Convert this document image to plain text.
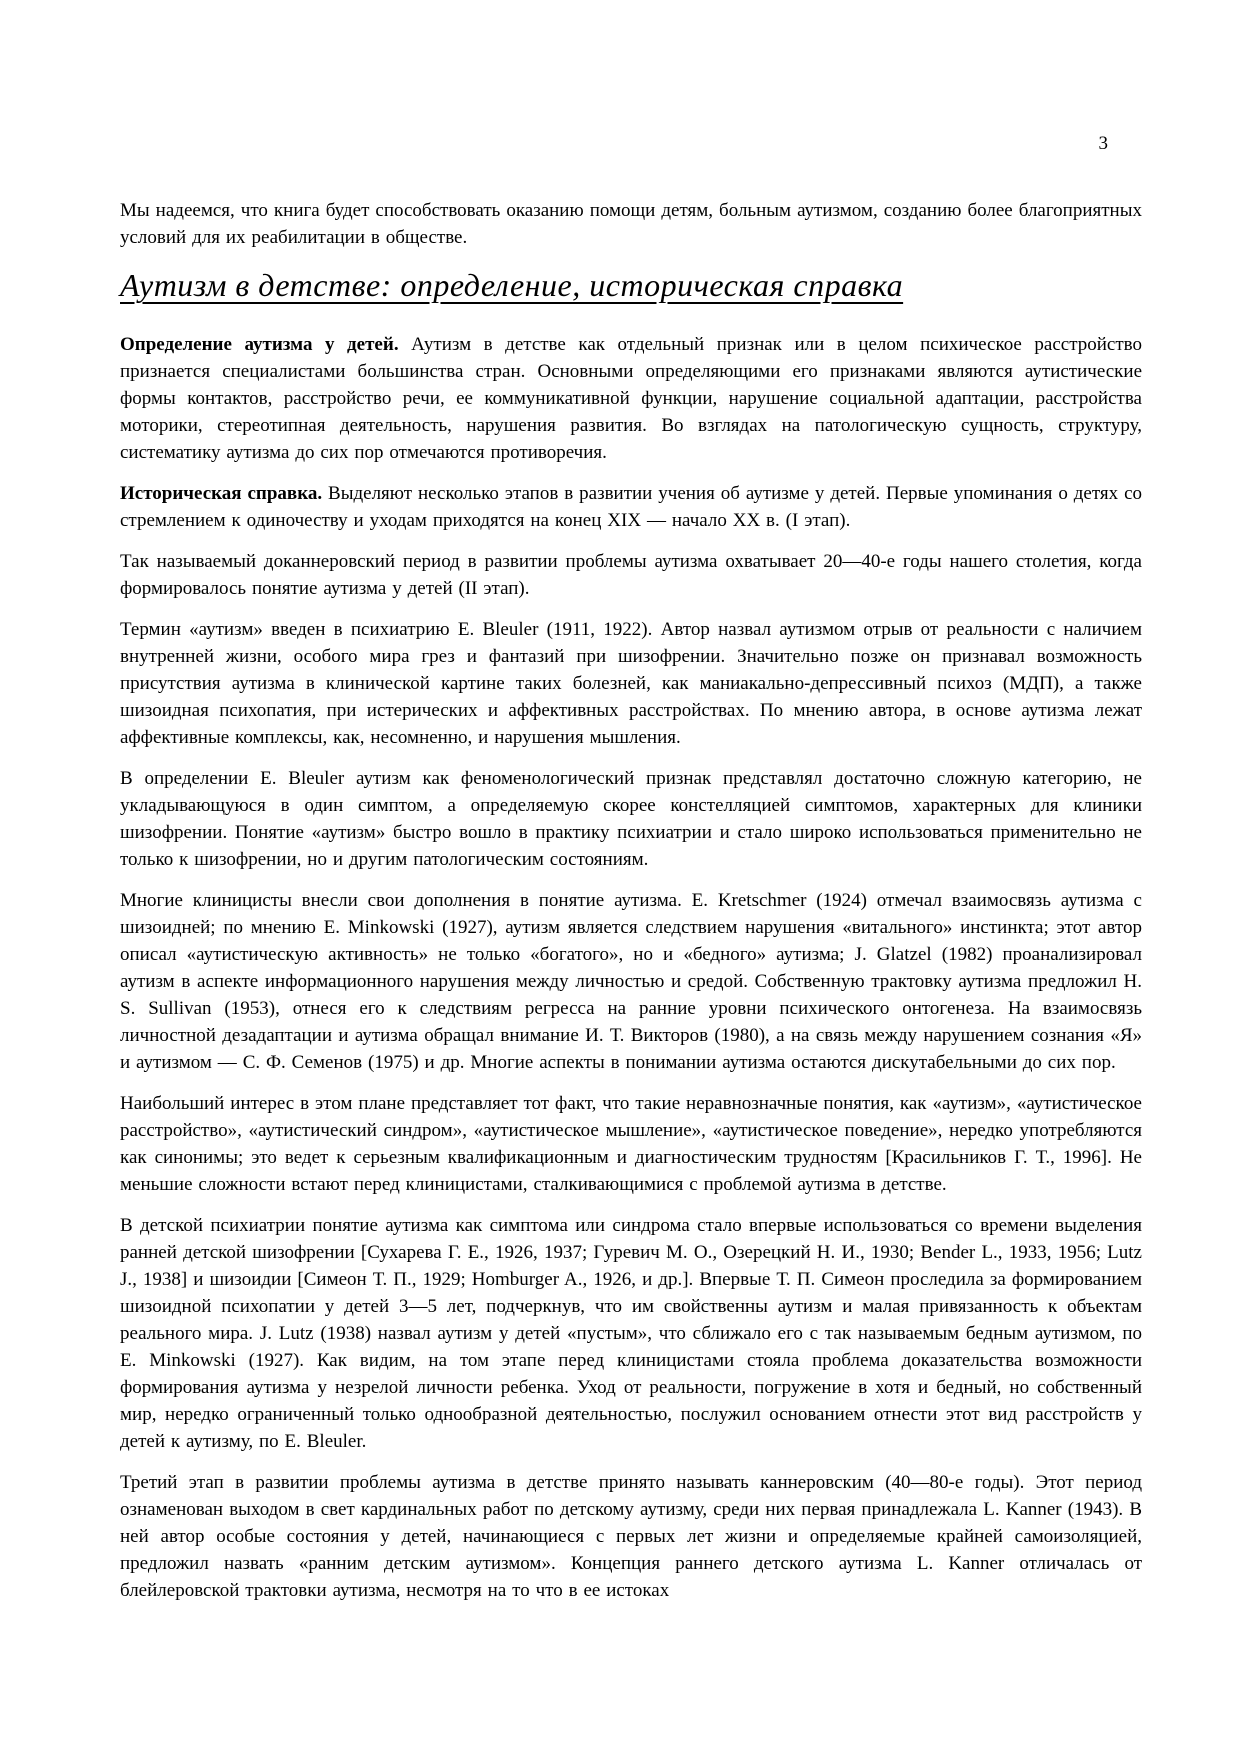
3

Мы надеемся, что книга будет способствовать оказанию помощи детям, больным аутизмом, созданию более благоприятных условий для их реабилитации в обществе.

Аутизм в детстве: определение, историческая справка

Определение аутизма у детей. Аутизм в детстве как отдельный признак или в целом психическое расстройство признается специалистами большинства стран. Основными определяющими его признаками являются аутистические формы контактов, расстройство речи, ее коммуникативной функции, нарушение социальной адаптации, расстройства моторики, стереотипная деятельность, нарушения развития. Во взглядах на патологическую сущность, структуру, систематику аутизма до сих пор отмечаются противоречия.

Историческая справка. Выделяют несколько этапов в развитии учения об аутизме у детей. Первые упоминания о детях со стремлением к одиночеству и уходам приходятся на конец XIX — начало XX в. (I этап).

Так называемый доканнеровский период в развитии проблемы аутизма охватывает 20—40-е годы нашего столетия, когда формировалось понятие аутизма у детей (II этап).

Термин «аутизм» введен в психиатрию E. Bleuler (1911, 1922). Автор назвал аутизмом отрыв от реальности с наличием внутренней жизни, особого мира грез и фантазий при шизофрении. Значительно позже он признавал возможность присутствия аутизма в клинической картине таких болезней, как маниакально-депрессивный психоз (МДП), а также шизоидная психопатия, при истерических и аффективных расстройствах. По мнению автора, в основе аутизма лежат аффективные комплексы, как, несомненно, и нарушения мышления.

В определении E. Bleuler аутизм как феноменологический признак представлял достаточно сложную категорию, не укладывающуюся в один симптом, а определяемую скорее констелляцией симптомов, характерных для клиники шизофрении. Понятие «аутизм» быстро вошло в практику психиатрии и стало широко использоваться применительно не только к шизофрении, но и другим патологическим состояниям.

Многие клиницисты внесли свои дополнения в понятие аутизма. E. Kretschmer (1924) отмечал взаимосвязь аутизма с шизоидней; по мнению E. Minkowski (1927), аутизм является следствием нарушения «витального» инстинкта; этот автор описал «аутистическую активность» не только «богатого», но и «бедного» аутизма; J. Glatzel (1982) проанализировал аутизм в аспекте информационного нарушения между личностью и средой. Собственную трактовку аутизма предложил H. S. Sullivan (1953), отнеся его к следствиям регресса на ранние уровни психического онтогенеза. На взаимосвязь личностной дезадаптации и аутизма обращал внимание И. Т. Викторов (1980), а на связь между нарушением сознания «Я» и аутизмом — С. Ф. Семенов (1975) и др. Многие аспекты в понимании аутизма остаются дискутабельными до сих пор.

Наибольший интерес в этом плане представляет тот факт, что такие неравнозначные понятия, как «аутизм», «аутистическое расстройство», «аутистический синдром», «аутистическое мышление», «аутистическое поведение», нередко употребляются как синонимы; это ведет к серьезным квалификационным и диагностическим трудностям [Красильников Г. Т., 1996]. Не меньшие сложности встают перед клиницистами, сталкивающимися с проблемой аутизма в детстве.

В детской психиатрии понятие аутизма как симптома или синдрома стало впервые использоваться со времени выделения ранней детской шизофрении [Сухарева Г. Е., 1926, 1937; Гуревич М. О., Озерецкий Н. И., 1930; Bender L., 1933, 1956; Lutz J., 1938] и шизоидии [Симеон Т. П., 1929; Homburger A., 1926, и др.]. Впервые Т. П. Симеон проследила за формированием шизоидной психопатии у детей 3—5 лет, подчеркнув, что им свойственны аутизм и малая привязанность к объектам реального мира. J. Lutz (1938) назвал аутизм у детей «пустым», что сближало его с так называемым бедным аутизмом, по E. Minkowski (1927). Как видим, на том этапе перед клиницистами стояла проблема доказательства возможности формирования аутизма у незрелой личности ребенка. Уход от реальности, погружение в хотя и бедный, но собственный мир, нередко ограниченный только однообразной деятельностью, послужил основанием отнести этот вид расстройств у детей к аутизму, по E. Bleuler.

Третий этап в развитии проблемы аутизма в детстве принято называть каннеровским (40—80-е годы). Этот период ознаменован выходом в свет кардинальных работ по детскому аутизму, среди них первая принадлежала L. Kanner (1943). В ней автор особые состояния у детей, начинающиеся с первых лет жизни и определяемые крайней самоизоляцией, предложил назвать «ранним детским аутизмом». Концепция раннего детского аутизма L. Kanner отличалась от блейлеровской трактовки аутизма, несмотря на то что в ее истоках
